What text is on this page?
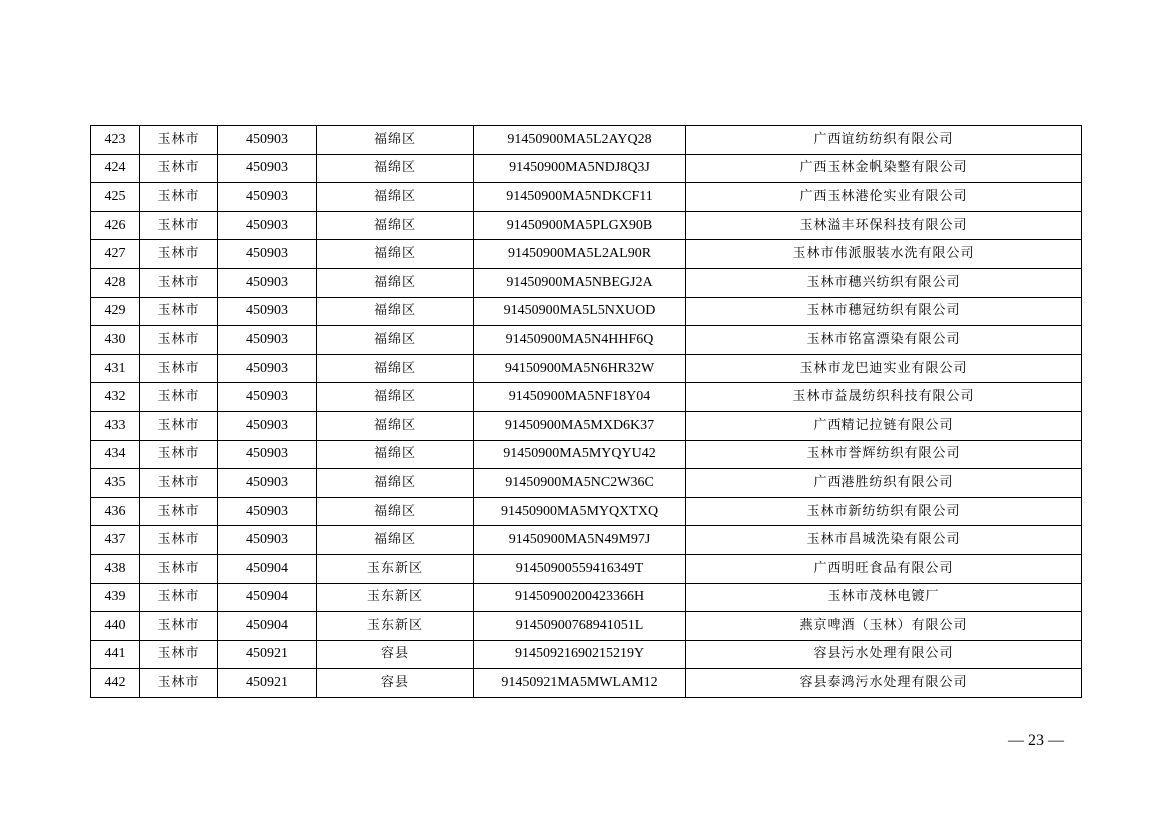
423	玉林市	450903	福绵区	91450900MA5L2AYQ28	广西谊纺纺织有限公司
424	玉林市	450903	福绵区	91450900MA5NDJ8Q3J	广西玉林金帆染整有限公司
425	玉林市	450903	福绵区	91450900MA5NDKCF11	广西玉林港伦实业有限公司
426	玉林市	450903	福绵区	91450900MA5PLGX90B	玉林溢丰环保科技有限公司
427	玉林市	450903	福绵区	91450900MA5L2AL90R	玉林市伟派服装水洗有限公司
428	玉林市	450903	福绵区	91450900MA5NBEGJ2A	玉林市穗兴纺织有限公司
429	玉林市	450903	福绵区	91450900MA5L5NXUOD	玉林市穗冠纺织有限公司
430	玉林市	450903	福绵区	91450900MA5N4HHF6Q	玉林市铭富漂染有限公司
431	玉林市	450903	福绵区	94150900MA5N6HR32W	玉林市龙巴迪实业有限公司
432	玉林市	450903	福绵区	91450900MA5NF18Y04	玉林市益晟纺织科技有限公司
433	玉林市	450903	福绵区	91450900MA5MXD6K37	广西精记拉链有限公司
434	玉林市	450903	福绵区	91450900MA5MYQYU42	玉林市誉辉纺织有限公司
435	玉林市	450903	福绵区	91450900MA5NC2W36C	广西港胜纺织有限公司
436	玉林市	450903	福绵区	91450900MA5MYQXTXQ	玉林市新纺纺织有限公司
437	玉林市	450903	福绵区	91450900MA5N49M97J	玉林市昌城洗染有限公司
438	玉林市	450904	玉东新区	91450900559416349T	广西明旺食品有限公司
439	玉林市	450904	玉东新区	91450900200423366H	玉林市茂林电镀厂
440	玉林市	450904	玉东新区	91450900768941051L	燕京啤酒（玉林）有限公司
441	玉林市	450921	容县	91450921690215219Y	容县污水处理有限公司
442	玉林市	450921	容县	91450921MA5MWLAM12	容县泰鸿污水处理有限公司
— 23 —
